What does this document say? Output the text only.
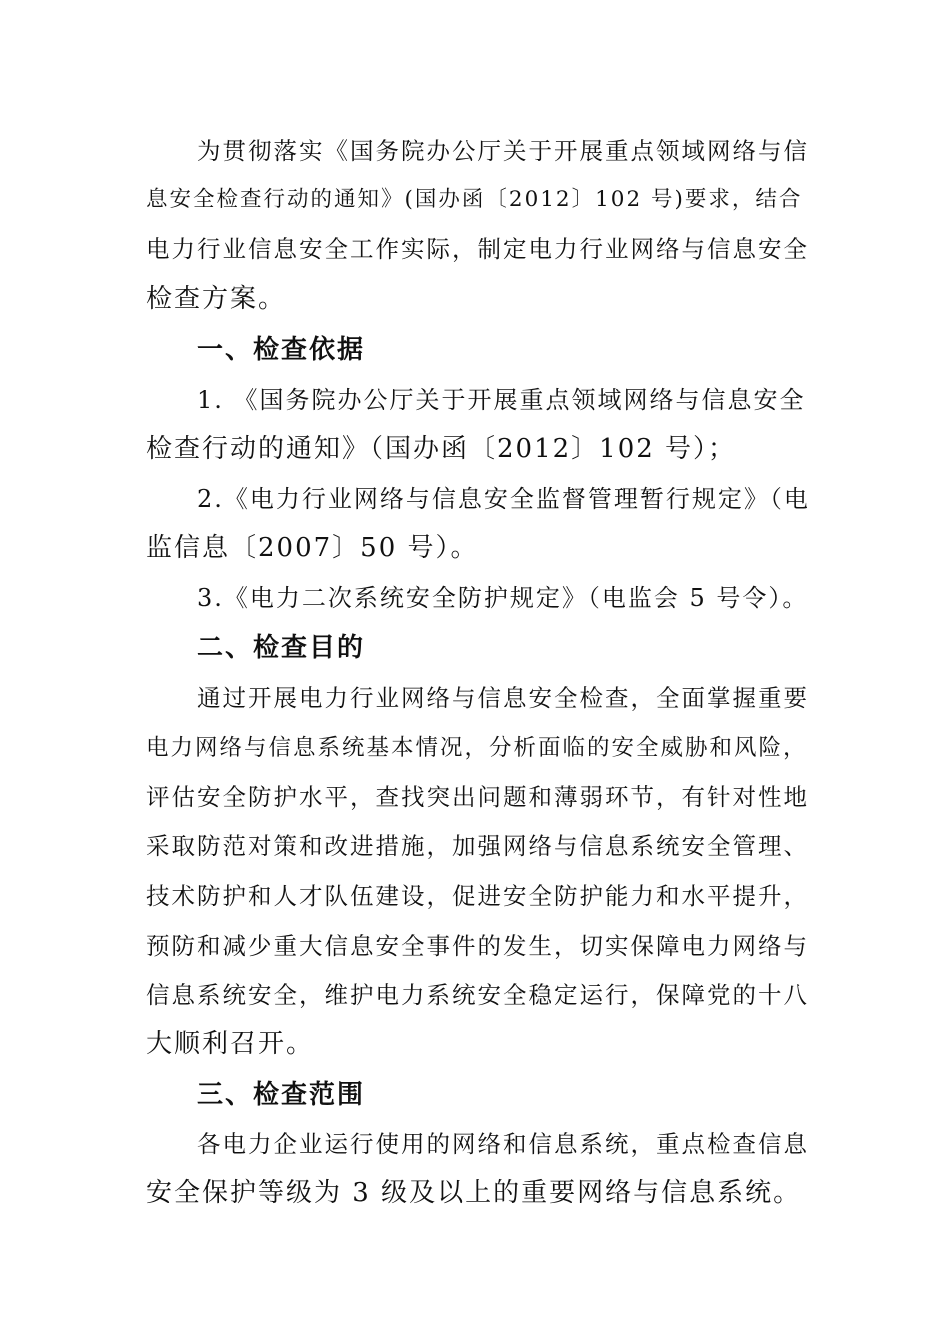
为贯彻落实《国务院办公厅关于开展重点领域网络与信
息安全检查行动的通知》(国办函〔2012〕102 号)要求，结合
电力行业信息安全工作实际，制定电力行业网络与信息安全
检查方案。
一、检查依据
1. 《国务院办公厅关于开展重点领域网络与信息安全
检查行动的通知》（国办函〔2012〕102 号）；
2.《电力行业网络与信息安全监督管理暂行规定》（电
监信息〔2007〕50 号）。
3.《电力二次系统安全防护规定》（电监会 5 号令）。
二、检查目的
通过开展电力行业网络与信息安全检查，全面掌握重要
电力网络与信息系统基本情况，分析面临的安全威胁和风险，
评估安全防护水平，查找突出问题和薄弱环节，有针对性地
采取防范对策和改进措施，加强网络与信息系统安全管理、
技术防护和人才队伍建设，促进安全防护能力和水平提升，
预防和减少重大信息安全事件的发生，切实保障电力网络与
信息系统安全，维护电力系统安全稳定运行，保障党的十八
大顺利召开。
三、检查范围
各电力企业运行使用的网络和信息系统，重点检查信息
安全保护等级为 3 级及以上的重要网络与信息系统。
